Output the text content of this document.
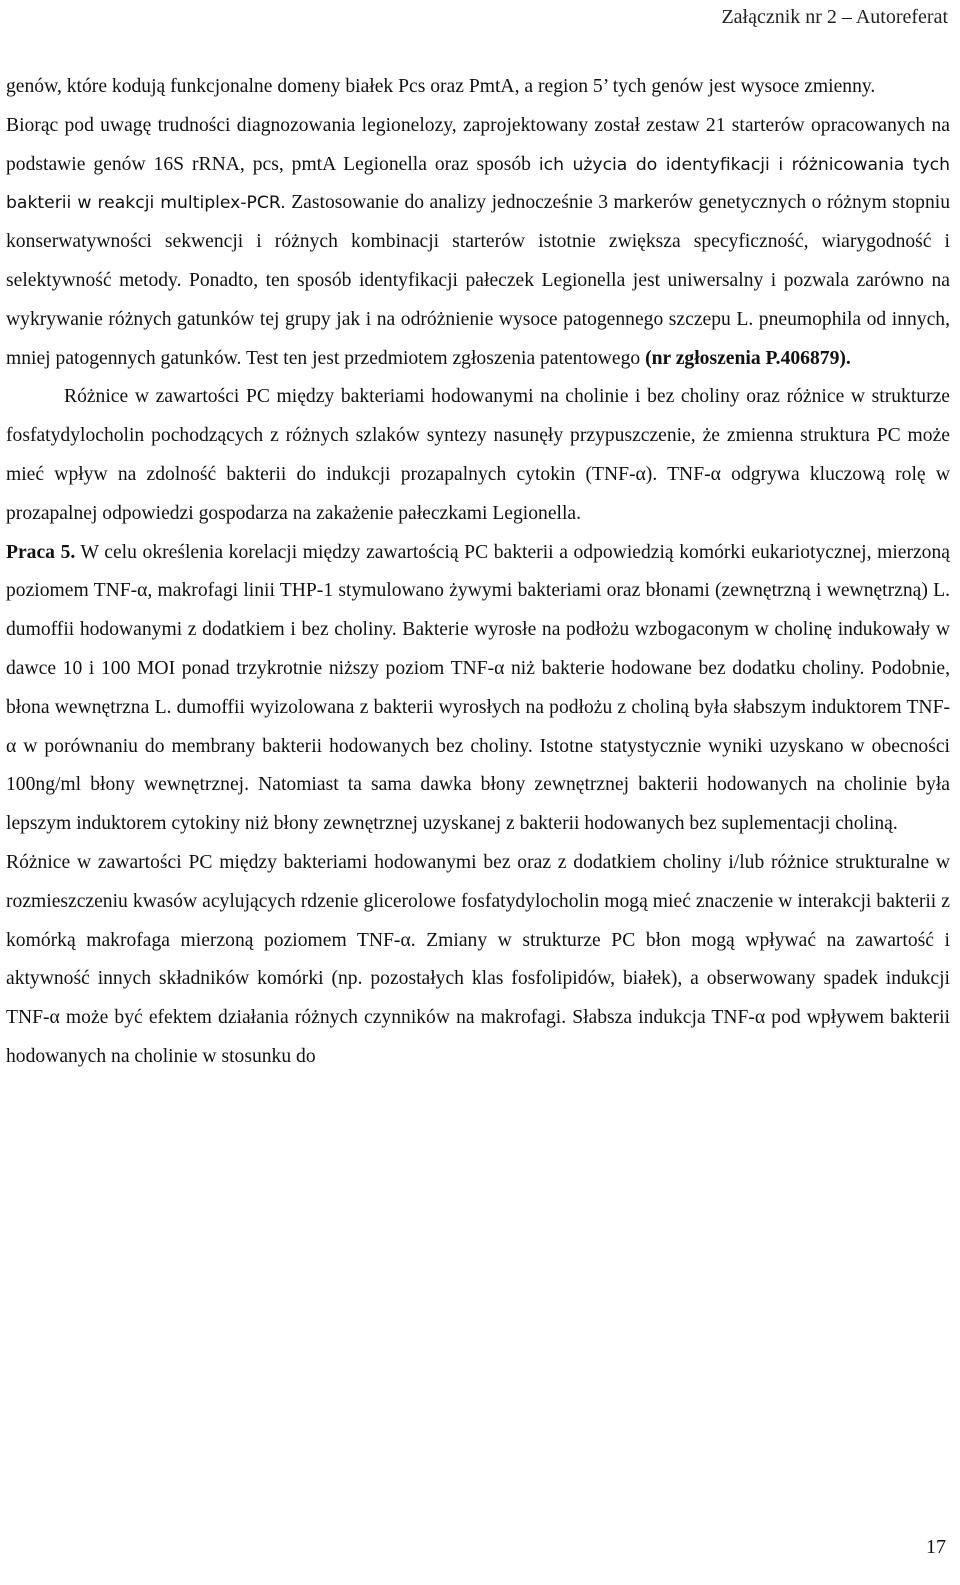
Załącznik nr 2 – Autoreferat

genów, które kodują funkcjonalne domeny białek Pcs oraz PmtA, a region 5’ tych genów jest wysoce zmienny.

Biorąc pod uwagę trudności diagnozowania legionelozy, zaprojektowany został zestaw 21 starterów opracowanych na podstawie genów 16S rRNA, pcs, pmtA Legionella oraz sposób ich użycia do identyfikacji i różnicowania tych bakterii w reakcji multiplex-PCR. Zastosowanie do analizy jednocześnie 3 markerów genetycznych o różnym stopniu konserwatywności sekwencji i różnych kombinacji starterów istotnie zwiększa specyficzność, wiarygodność i selektywność metody. Ponadto, ten sposób identyfikacji pałeczek Legionella jest uniwersalny i pozwala zarówno na wykrywanie różnych gatunków tej grupy jak i na odróżnienie wysoce patogennego szczepu L. pneumophila od innych, mniej patogennych gatunków. Test ten jest przedmiotem zgłoszenia patentowego (nr zgłoszenia P.406879).

Różnice w zawartości PC między bakteriami hodowanymi na cholinie i bez choliny oraz różnice w strukturze fosfatydylocholin pochodzących z różnych szlaków syntezy nasunęły przypuszczenie, że zmienna struktura PC może mieć wpływ na zdolność bakterii do indukcji prozapalnych cytokin (TNF-α). TNF-α odgrywa kluczową rolę w prozapalnej odpowiedzi gospodarza na zakażenie pałeczkami Legionella.

Praca 5. W celu określenia korelacji między zawartością PC bakterii a odpowiedzią komórki eukariotycznej, mierzoną poziomem TNF-α, makrofagi linii THP-1 stymulowano żywymi bakteriami oraz błonami (zewnętrzną i wewnętrzną) L. dumoffii hodowanymi z dodatkiem i bez choliny. Bakterie wyrosłe na podłożu wzbogaconym w cholinę indukowały w dawce 10 i 100 MOI ponad trzykrotnie niższy poziom TNF-α niż bakterie hodowane bez dodatku choliny. Podobnie, błona wewnętrzna L. dumoffii wyizolowana z bakterii wyrosłych na podłożu z choliną była słabszym induktorem TNF-α w porównaniu do membrany bakterii hodowanych bez choliny. Istotne statystycznie wyniki uzyskano w obecności 100ng/ml błony wewnętrznej. Natomiast ta sama dawka błony zewnętrznej bakterii hodowanych na cholinie była lepszym induktorem cytokiny niż błony zewnętrznej uzyskanej z bakterii hodowanych bez suplementacji choliną.

Różnice w zawartości PC między bakteriami hodowanymi bez oraz z dodatkiem choliny i/lub różnice strukturalne w rozmieszczeniu kwasów acylujących rdzenie glicerolowe fosfatydylocholin mogą mieć znaczenie w interakcji bakterii z komórką makrofaga mierzoną poziomem TNF-α. Zmiany w strukturze PC błon mogą wpływać na zawartość i aktywność innych składników komórki (np. pozostałych klas fosfolipidów, białek), a obserwowany spadek indukcji TNF-α może być efektem działania różnych czynników na makrofagi. Słabsza indukcja TNF-α pod wpływem bakterii hodowanych na cholinie w stosunku do

17
